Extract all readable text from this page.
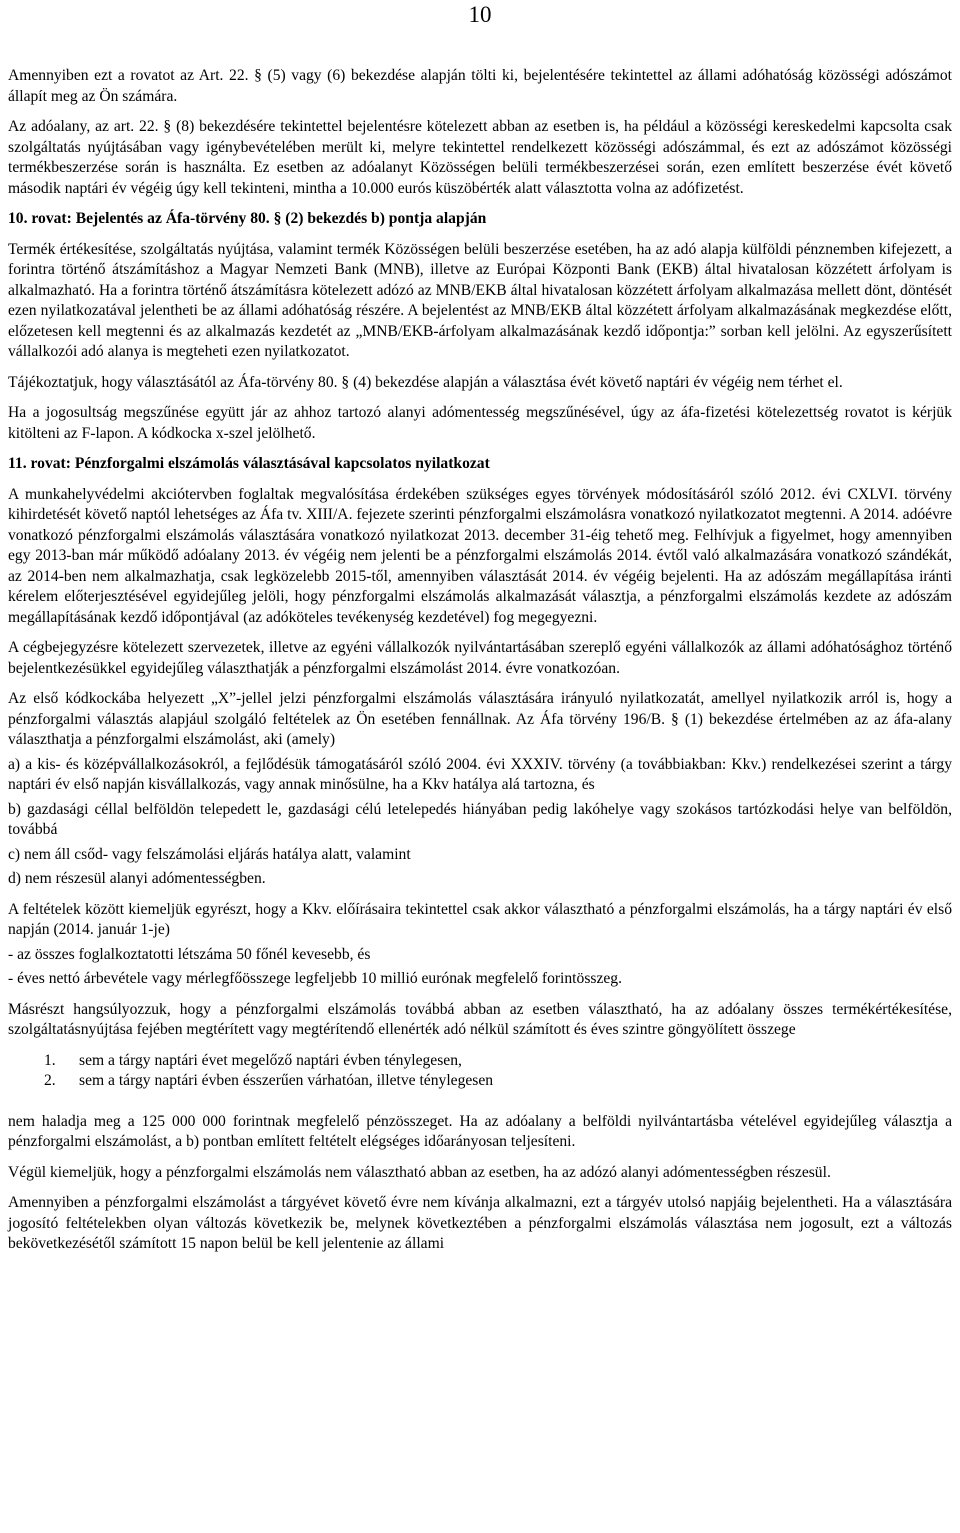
10

Amennyiben ezt a rovatot az Art. 22. § (5) vagy (6) bekezdése alapján tölti ki, bejelentésére tekintettel az állami adóhatóság közösségi adószámot állapít meg az Ön számára.

Az adóalany, az art. 22. § (8) bekezdésére tekintettel bejelentésre kötelezett abban az esetben is, ha például a közösségi kereskedelmi kapcsolta csak szolgáltatás nyújtásában vagy igénybevételében merült ki, melyre tekintettel rendelkezett közösségi adószámmal, és ezt az adószámot közösségi termékbeszerzése során is használta. Ez esetben az adóalanyt Közösségen belüli termékbeszerzései során, ezen említett beszerzése évét követő második naptári év végéig úgy kell tekinteni, mintha a 10.000 eurós küszöbérték alatt választotta volna az adófizetést.

10. rovat: Bejelentés az Áfa-törvény 80. § (2) bekezdés b) pontja alapján

Termék értékesítése, szolgáltatás nyújtása, valamint termék Közösségen belüli beszerzése esetében, ha az adó alapja külföldi pénznemben kifejezett, a forintra történő átszámításhoz a Magyar Nemzeti Bank (MNB), illetve az Európai Központi Bank (EKB) által hivatalosan közzétett árfolyam is alkalmazható. Ha a forintra történő átszámításra kötelezett adózó az MNB/EKB által hivatalosan közzétett árfolyam alkalmazása mellett dönt, döntését ezen nyilatkozatával jelentheti be az állami adóhatóság részére. A bejelentést az MNB/EKB által közzétett árfolyam alkalmazásának megkezdése előtt, előzetesen kell megtenni és az alkalmazás kezdetét az „MNB/EKB-árfolyam alkalmazásának kezdő időpontja:” sorban kell jelölni. Az egyszerűsített vállalkozói adó alanya is megteheti ezen nyilatkozatot.

Tájékoztatjuk, hogy választásától az Áfa-törvény 80. § (4) bekezdése alapján a választása évét követő naptári év végéig nem térhet el.

Ha a jogosultság megszűnése együtt jár az ahhoz tartozó alanyi adómentesség megszűnésével, úgy az áfa-fizetési kötelezettség rovatot is kérjük kitölteni az F-lapon. A kódkocka x-szel jelölhető.

11. rovat: Pénzforgalmi elszámolás választásával kapcsolatos nyilatkozat

A munkahelyvédelmi akciótervben foglaltak megvalósítása érdekében szükséges egyes törvények módosításáról szóló 2012. évi CXLVI. törvény kihirdetését követő naptól lehetséges az Áfa tv. XIII/A. fejezete szerinti pénzforgalmi elszámolásra vonatkozó nyilatkozatot megtenni. A 2014. adóévre vonatkozó pénzforgalmi elszámolás választására vonatkozó nyilatkozat 2013. december 31-éig tehető meg. Felhívjuk a figyelmet, hogy amennyiben egy 2013-ban már működő adóalany 2013. év végéig nem jelenti be a pénzforgalmi elszámolás 2014. évtől való alkalmazására vonatkozó szándékát, az 2014-ben nem alkalmazhatja, csak legközelebb 2015-től, amennyiben választását 2014. év végéig bejelenti. Ha az adószám megállapítása iránti kérelem előterjesztésével egyidejűleg jelöli, hogy pénzforgalmi elszámolás alkalmazását választja, a pénzforgalmi elszámolás kezdete az adószám megállapításának kezdő időpontjával (az adóköteles tevékenység kezdetével) fog megegyezni.

A cégbejegyzésre kötelezett szervezetek, illetve az egyéni vállalkozók nyilvántartásában szereplő egyéni vállalkozók az állami adóhatósághoz történő bejelentkezésükkel egyidejűleg választhatják a pénzforgalmi elszámolást 2014. évre vonatkozóan.

Az első kódkockába helyezett „X”-jellel jelzi pénzforgalmi elszámolás választására irányuló nyilatkozatát, amellyel nyilatkozik arról is, hogy a pénzforgalmi választás alapjául szolgáló feltételek az Ön esetében fennállnak. Az Áfa törvény 196/B. § (1) bekezdése értelmében az az áfa-alany választhatja a pénzforgalmi elszámolást, aki (amely)

a) a kis- és középvállalkozásokról, a fejlődésük támogatásáról szóló 2004. évi XXXIV. törvény (a továbbiakban: Kkv.) rendelkezései szerint a tárgy naptári év első napján kisvállalkozás, vagy annak minősülne, ha a Kkv hatálya alá tartozna, és

b) gazdasági céllal belföldön telepedett le, gazdasági célú letelepedés hiányában pedig lakóhelye vagy szokásos tartózkodási helye van belföldön, továbbá

c) nem áll csőd- vagy felszámolási eljárás hatálya alatt, valamint

d) nem részesül alanyi adómentességben.

A feltételek között kiemeljük egyrészt, hogy a Kkv. előírásaira tekintettel csak akkor választható a pénzforgalmi elszámolás, ha a tárgy naptári év első napján (2014. január 1-je)

- az összes foglalkoztatotti létszáma 50 főnél kevesebb, és

- éves nettó árbevétele vagy mérlegfőösszege legfeljebb 10 millió eurónak megfelelő forintösszeg.

Másrészt hangsúlyozzuk, hogy a pénzforgalmi elszámolás továbbá abban az esetben választható, ha az adóalany összes termékértékesítése, szolgáltatásnyújtása fejében megtérített vagy megtérítendő ellenérték adó nélkül számított és éves szintre göngyölített összege

1.	sem a tárgy naptári évet megelőző naptári évben ténylegesen,
2.	sem a tárgy naptári évben ésszerűen várhatóan, illetve ténylegesen

nem haladja meg a 125 000 000 forintnak megfelelő pénzösszeget. Ha az adóalany a belföldi nyilvántartásba vételével egyidejűleg választja a pénzforgalmi elszámolást, a b) pontban említett feltételt elégséges időarányosan teljesíteni.

Végül kiemeljük, hogy a pénzforgalmi elszámolás nem választható abban az esetben, ha az adózó alanyi adómentességben részesül.

Amennyiben a pénzforgalmi elszámolást a tárgyévet követő évre nem kívánja alkalmazni, ezt a tárgyév utolsó napjáig bejelentheti. Ha a választására jogosító feltételekben olyan változás következik be, melynek következtében a pénzforgalmi elszámolás választása nem jogosult, ezt a változás bekövetkezésétől számított 15 napon belül be kell jelentenie az állami
